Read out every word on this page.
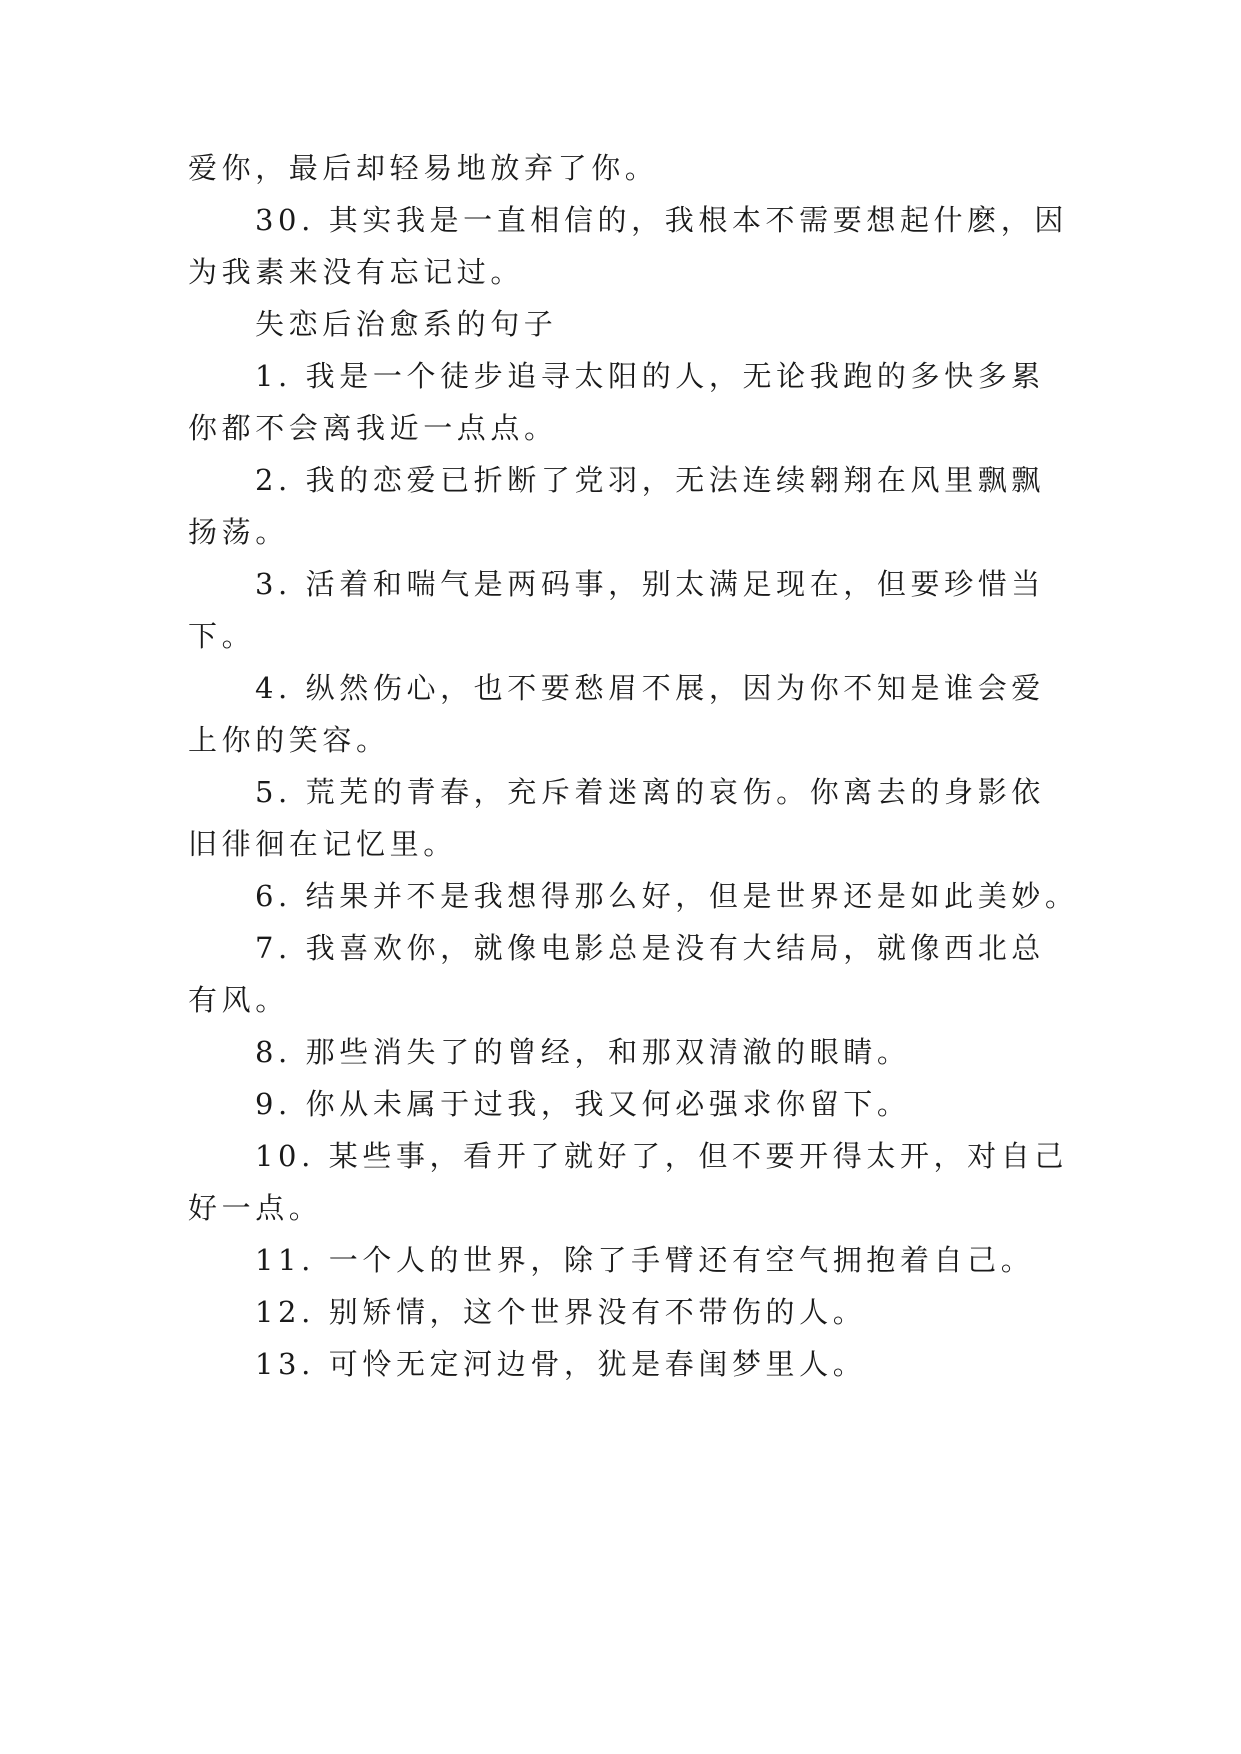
爱你，最后却轻易地放弃了你。
30. 其实我是一直相信的，我根本不需要想起什麽，因
为我素来没有忘记过。
失恋后治愈系的句子
1. 我是一个徒步追寻太阳的人，无论我跑的多快多累
你都不会离我近一点点。
2. 我的恋爱已折断了党羽，无法连续翱翔在风里飘飘
扬荡。
3. 活着和喘气是两码事，别太满足现在，但要珍惜当
下。
4. 纵然伤心，也不要愁眉不展，因为你不知是谁会爱
上你的笑容。
5. 荒芜的青春，充斥着迷离的哀伤。你离去的身影依
旧徘徊在记忆里。
6. 结果并不是我想得那么好，但是世界还是如此美妙。
7. 我喜欢你，就像电影总是没有大结局，就像西北总
有风。
8. 那些消失了的曾经，和那双清澈的眼睛。
9. 你从未属于过我，我又何必强求你留下。
10. 某些事，看开了就好了，但不要开得太开，对自己
好一点。
11. 一个人的世界，除了手臂还有空气拥抱着自己。
12. 别矫情，这个世界没有不带伤的人。
13. 可怜无定河边骨，犹是春闺梦里人。
